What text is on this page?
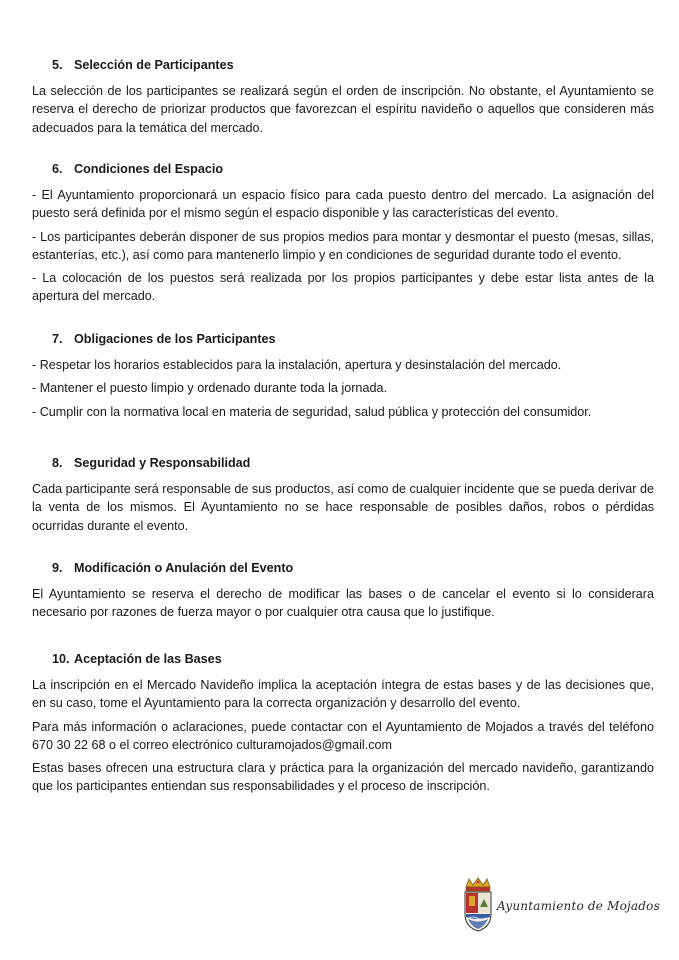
5. Selección de Participantes

La selección de los participantes se realizará según el orden de inscripción. No obstante, el Ayuntamiento se reserva el derecho de priorizar productos que favorezcan el espíritu navideño o aquellos que consideren más adecuados para la temática del mercado.

6. Condiciones del Espacio

- El Ayuntamiento proporcionará un espacio físico para cada puesto dentro del mercado. La asignación del puesto será definida por el mismo según el espacio disponible y las características del evento.

- Los participantes deberán disponer de sus propios medios para montar y desmontar el puesto (mesas, sillas, estanterías, etc.), así como para mantenerlo limpio y en condiciones de seguridad durante todo el evento.

- La colocación de los puestos será realizada por los propios participantes y debe estar lista antes de la apertura del mercado.

7. Obligaciones de los Participantes

- Respetar los horarios establecidos para la instalación, apertura y desinstalación del mercado.

- Mantener el puesto limpio y ordenado durante toda la jornada.

- Cumplir con la normativa local en materia de seguridad, salud pública y protección del consumidor.

8. Seguridad y Responsabilidad

Cada participante será responsable de sus productos, así como de cualquier incidente que se pueda derivar de la venta de los mismos. El Ayuntamiento no se hace responsable de posibles daños, robos o pérdidas ocurridas durante el evento.

9. Modificación o Anulación del Evento

El Ayuntamiento se reserva el derecho de modificar las bases o de cancelar el evento si lo considerara necesario por razones de fuerza mayor o por cualquier otra causa que lo justifique.

10. Aceptación de las Bases

La inscripción en el Mercado Navideño implica la aceptación íntegra de estas bases y de las decisiones que, en su caso, tome el Ayuntamiento para la correcta organización y desarrollo del evento.

Para más información o aclaraciones, puede contactar con el Ayuntamiento de Mojados a través del teléfono 670 30 22 68 o el correo electrónico culturamojados@gmail.com

Estas bases ofrecen una estructura clara y práctica para la organización del mercado navideño, garantizando que los participantes entiendan sus responsabilidades y el proceso de inscripción.

Ayuntamiento de Mojados
